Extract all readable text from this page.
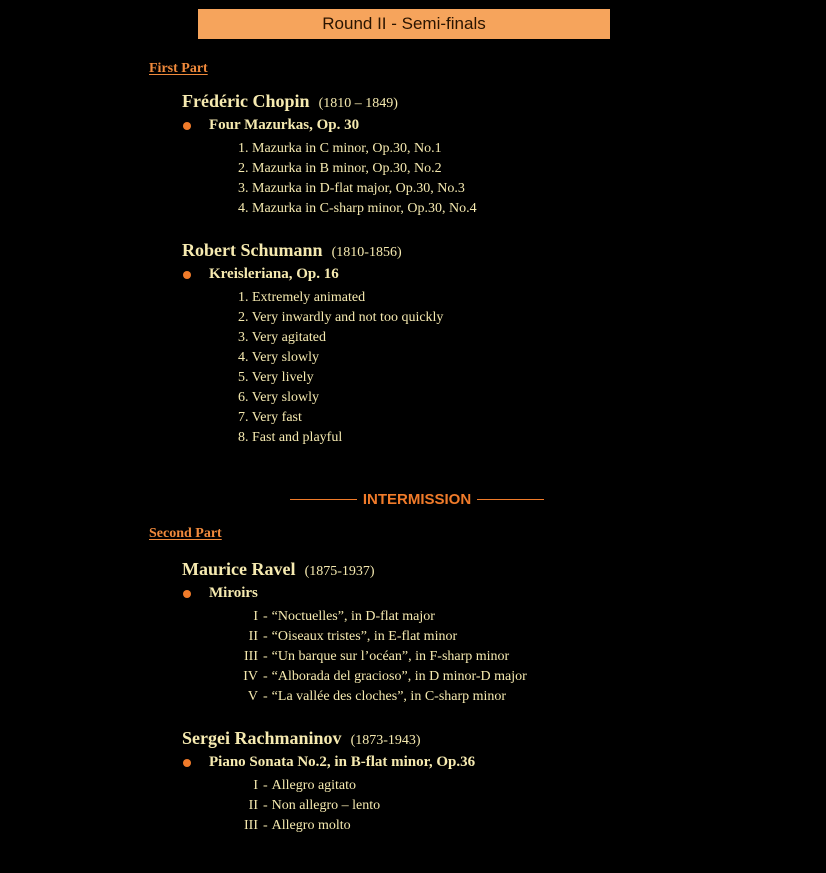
Round II - Semi-finals
First Part
Frédéric Chopin (1810 – 1849)
Four Mazurkas, Op. 30
1. Mazurka in C minor, Op.30, No.1
2. Mazurka in B minor, Op.30, No.2
3. Mazurka in D-flat major, Op.30, No.3
4. Mazurka in C-sharp minor, Op.30, No.4
Robert Schumann (1810-1856)
Kreisleriana, Op. 16
1. Extremely animated
2. Very inwardly and not too quickly
3. Very agitated
4. Very slowly
5. Very lively
6. Very slowly
7. Very fast
8. Fast and playful
INTERMISSION
Second Part
Maurice Ravel (1875-1937)
Miroirs
I - “Noctuelles”, in D-flat major
II - “Oiseaux tristes”, in E-flat minor
III - “Un barque sur l’océan”, in F-sharp minor
IV - “Alborada del gracioso”, in D minor-D major
V - “La vallée des cloches”, in C-sharp minor
Sergei Rachmaninov (1873-1943)
Piano Sonata No.2, in B-flat minor, Op.36
I - Allegro agitato
II - Non allegro – lento
III - Allegro molto
